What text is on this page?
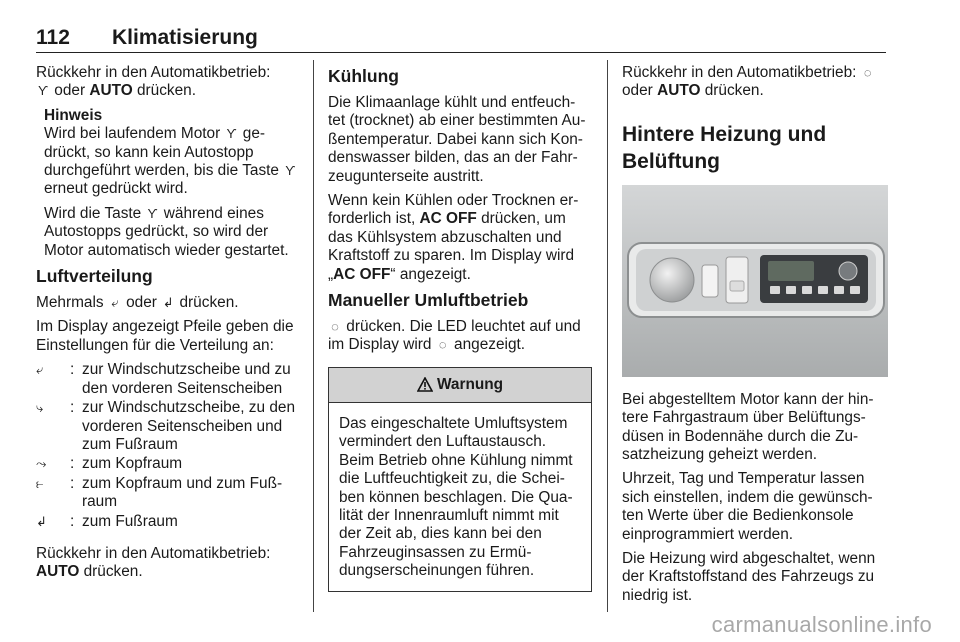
112 Klimatisierung

Rückkehr in den Automatikbetrieb:
ϒ oder AUTO drücken.

Hinweis

Wird bei laufendem Motor ϒ ge-drückt, so kann kein Autostopp durchgeführt werden, bis die Taste ϒ erneut gedrückt wird.

Wird die Taste ϒ während eines Autostopps gedrückt, so wird der Motor automatisch wieder gestartet.

Luftverteilung

Mehrmals ⤶ oder ↲ drücken.

Im Display angezeigt Pfeile geben die Einstellungen für die Verteilung an:

⤶	: zur Windschutzscheibe und zu den vorderen Seitenscheiben
⤷	: zur Windschutzscheibe, zu den vorderen Seitenscheiben und zum Fußraum
⤳	: zum Kopfraum
⥼	: zum Kopfraum und zum Fuß-raum
↲	: zum Fußraum

Rückkehr in den Automatikbetrieb:
AUTO drücken.

Kühlung

Die Klimaanlage kühlt und entfeuch-tet (trocknet) ab einer bestimmten Au-ßentemperatur. Dabei kann sich Kon-denswasser bilden, das an der Fahr-zeugunterseite austritt.

Wenn kein Kühlen oder Trocknen er-forderlich ist, AC OFF drücken, um das Kühlsystem abzuschalten und Kraftstoff zu sparen. Im Display wird „AC OFF“ angezeigt.

Manueller Umluftbetrieb

◌ drücken. Die LED leuchtet auf und im Display wird ◌ angezeigt.

Warnung
Das eingeschaltete Umluftsystem vermindert den Luftaustausch. Beim Betrieb ohne Kühlung nimmt die Luftfeuchtigkeit zu, die Schei-ben können beschlagen. Die Qua-lität der Innenraumluft nimmt mit der Zeit ab, dies kann bei den Fahrzeuginsassen zu Ermü-dungserscheinungen führen.

Rückkehr in den Automatikbetrieb: ◌
oder AUTO drücken.

Hintere Heizung und Belüftung

Bei abgestelltem Motor kann der hin-tere Fahrgastraum über Belüftungs-düsen in Bodennähe durch die Zu-satzheizung geheizt werden.

Uhrzeit, Tag und Temperatur lassen sich einstellen, indem die gewünsch-ten Werte über die Bedienkonsole einprogrammiert werden.

Die Heizung wird abgeschaltet, wenn der Kraftstoffstand des Fahrzeugs zu niedrig ist.

carmanualsonline.info
